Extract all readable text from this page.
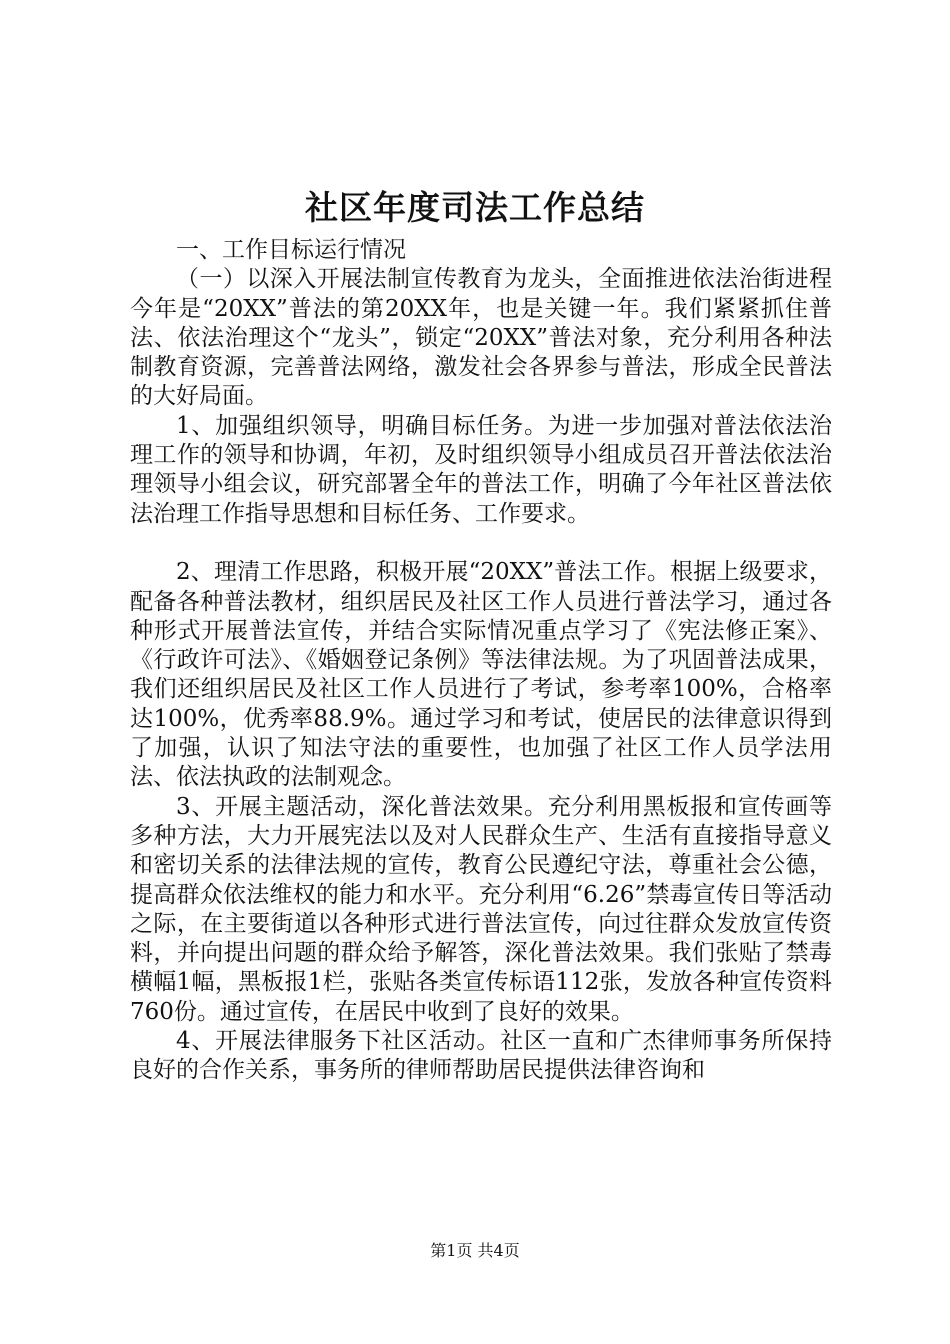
社区年度司法工作总结

一、工作目标运行情况

（一）以深入开展法制宣传教育为龙头，全面推进依法治街进程今年是“20XX”普法的第20XX年，也是关键一年。我们紧紧抓住普法、依法治理这个“龙头”，锁定“20XX”普法对象，充分利用各种法制教育资源，完善普法网络，激发社会各界参与普法，形成全民普法的大好局面。

1、加强组织领导，明确目标任务。为进一步加强对普法依法治理工作的领导和协调，年初，及时组织领导小组成员召开普法依法治理领导小组会议，研究部署全年的普法工作，明确了今年社区普法依法治理工作指导思想和目标任务、工作要求。

2、理清工作思路，积极开展“20XX”普法工作。根据上级要求，配备各种普法教材，组织居民及社区工作人员进行普法学习，通过各种形式开展普法宣传，并结合实际情况重点学习了《宪法修正案》、《行政许可法》、《婚姻登记条例》等法律法规。为了巩固普法成果，我们还组织居民及社区工作人员进行了考试，参考率100%，合格率达100%，优秀率88.9%。通过学习和考试，使居民的法律意识得到了加强，认识了知法守法的重要性，也加强了社区工作人员学法用法、依法执政的法制观念。

3、开展主题活动，深化普法效果。充分利用黑板报和宣传画等多种方法，大力开展宪法以及对人民群众生产、生活有直接指导意义和密切关系的法律法规的宣传，教育公民遵纪守法，尊重社会公德，提高群众依法维权的能力和水平。充分利用“6.26”禁毒宣传日等活动之际，在主要街道以各种形式进行普法宣传，向过往群众发放宣传资料，并向提出问题的群众给予解答，深化普法效果。我们张贴了禁毒横幅1幅，黑板报1栏，张贴各类宣传标语112张，发放各种宣传资料760份。通过宣传，在居民中收到了良好的效果。

4、开展法律服务下社区活动。社区一直和广杰律师事务所保持良好的合作关系，事务所的律师帮助居民提供法律咨询和

第1页 共4页
